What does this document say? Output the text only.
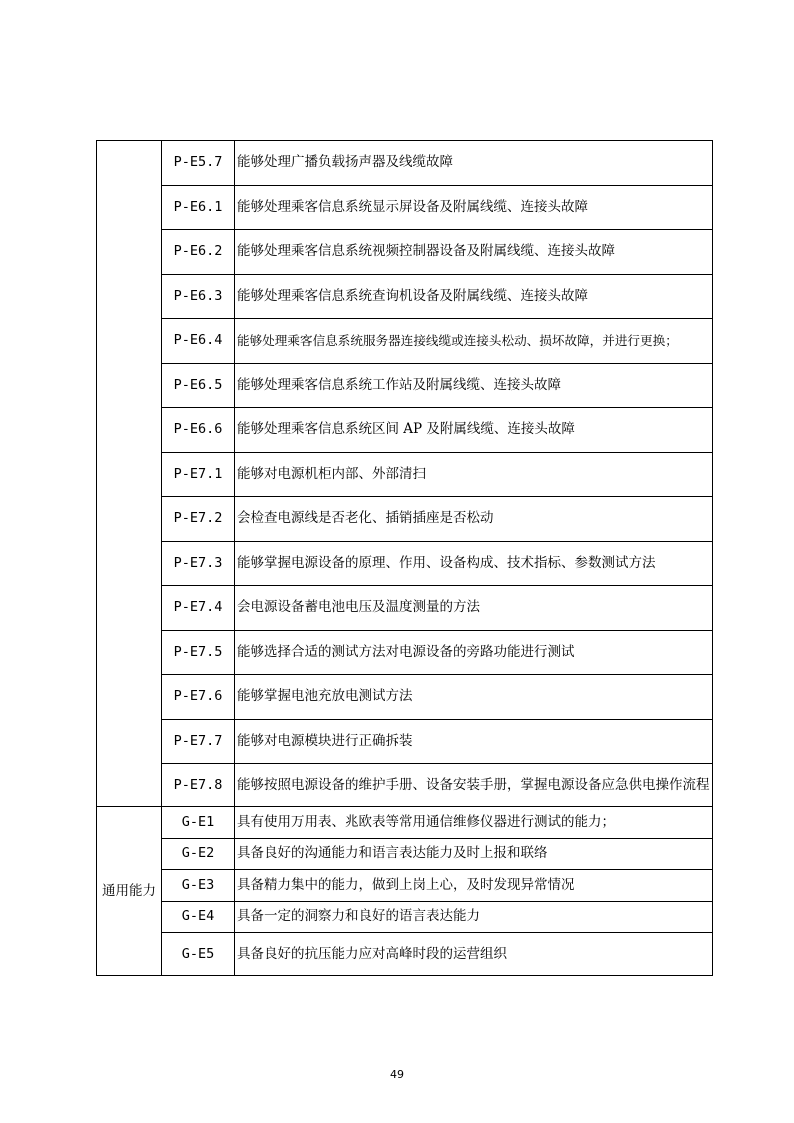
	P-E5.7	能够处理广播负载扬声器及线缆故障
	P-E6.1	能够处理乘客信息系统显示屏设备及附属线缆、连接头故障
	P-E6.2	能够处理乘客信息系统视频控制器设备及附属线缆、连接头故障
	P-E6.3	能够处理乘客信息系统查询机设备及附属线缆、连接头故障
	P-E6.4	能够处理乘客信息系统服务器连接线缆或连接头松动、损坏故障，并进行更换；
	P-E6.5	能够处理乘客信息系统工作站及附属线缆、连接头故障
	P-E6.6	能够处理乘客信息系统区间 AP 及附属线缆、连接头故障
	P-E7.1	能够对电源机柜内部、外部清扫
	P-E7.2	会检查电源线是否老化、插销插座是否松动
	P-E7.3	能够掌握电源设备的原理、作用、设备构成、技术指标、参数测试方法
	P-E7.4	会电源设备蓄电池电压及温度测量的方法
	P-E7.5	能够选择合适的测试方法对电源设备的旁路功能进行测试
	P-E7.6	能够掌握电池充放电测试方法
	P-E7.7	能够对电源模块进行正确拆装
	P-E7.8	能够按照电源设备的维护手册、设备安装手册，掌握电源设备应急供电操作流程
通用能力	G-E1	具有使用万用表、兆欧表等常用通信维修仪器进行测试的能力；
	G-E2	具备良好的沟通能力和语言表达能力及时上报和联络
	G-E3	具备精力集中的能力，做到上岗上心，及时发现异常情况
	G-E4	具备一定的洞察力和良好的语言表达能力
	G-E5	具备良好的抗压能力应对高峰时段的运营组织
49
